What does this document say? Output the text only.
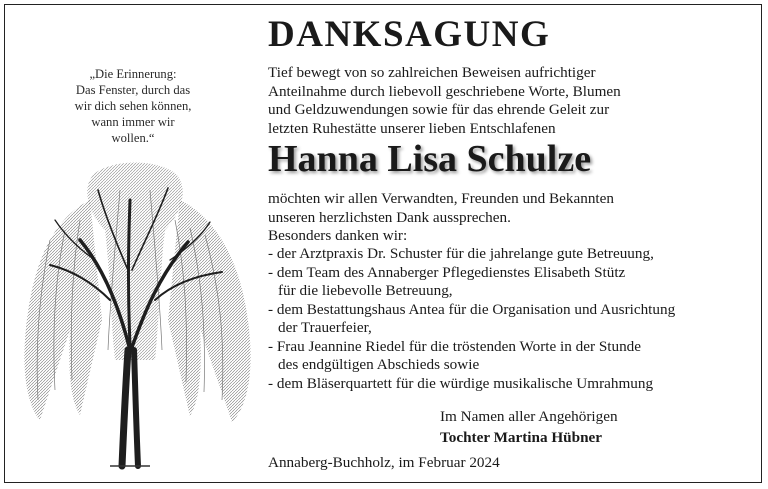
DANKSAGUNG
„Die Erinnerung:
Das Fenster, durch das
wir dich sehen können,
wann immer wir
wollen.“
Tief bewegt von so zahlreichen Beweisen aufrichtiger
Anteilnahme durch liebevoll geschriebene Worte, Blumen
und Geldzuwendungen sowie für das ehrende Geleit zur
letzten Ruhestätte unserer lieben Entschlafenen
Hanna Lisa Schulze
möchten wir allen Verwandten, Freunden und Bekannten
unseren herzlichsten Dank aussprechen.
Besonders danken wir:
- der Arztpraxis Dr. Schuster für die jahrelange gute Betreuung,
- dem Team des Annaberger Pflegedienstes Elisabeth Stütz
für die liebevolle Betreuung,
- dem Bestattungshaus Antea für die Organisation und Ausrichtung
der Trauerfeier,
- Frau Jeannine Riedel für die tröstenden Worte in der Stunde
des endgültigen Abschieds sowie
- dem Bläserquartett für die würdige musikalische Umrahmung
Im Namen aller Angehörigen
Tochter Martina Hübner
Annaberg-Buchholz, im Februar 2024
